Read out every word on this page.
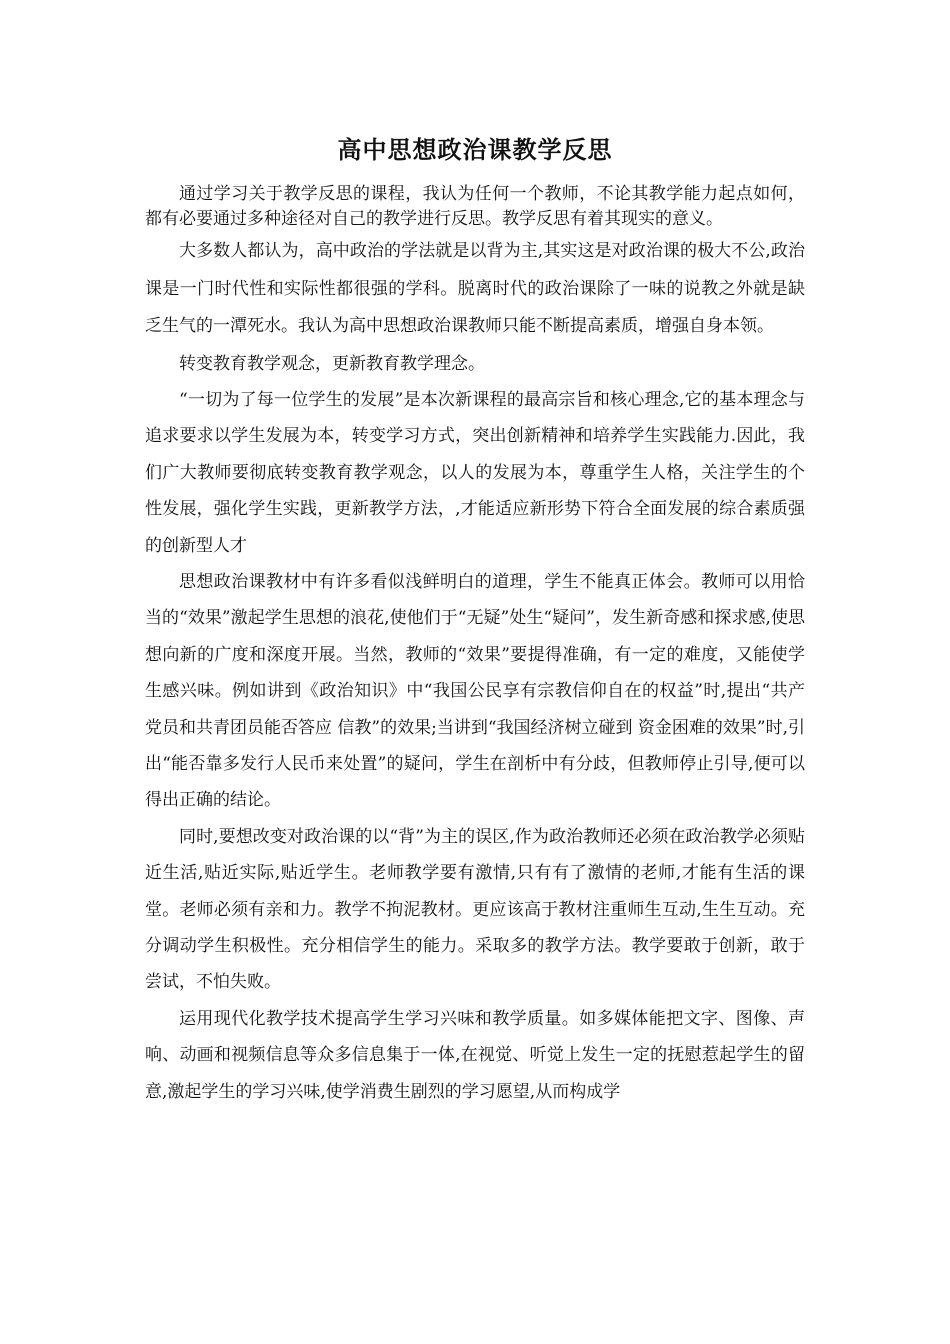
高中思想政治课教学反思

通过学习关于教学反思的课程，我认为任何一个教师，不论其教学能力起点如何，都有必要通过多种途径对自己的教学进行反思。教学反思有着其现实的意义。

大多数人都认为，高中政治的学法就是以背为主,其实这是对政治课的极大不公,政治课是一门时代性和实际性都很强的学科。脱离时代的政治课除了一味的说教之外就是缺乏生气的一潭死水。我认为高中思想政治课教师只能不断提高素质，增强自身本领。

转变教育教学观念，更新教育教学理念。

“一切为了每一位学生的发展”是本次新课程的最高宗旨和核心理念,它的基本理念与追求要求以学生发展为本，转变学习方式，突出创新精神和培养学生实践能力.因此，我们广大教师要彻底转变教育教学观念，以人的发展为本，尊重学生人格，关注学生的个性发展，强化学生实践，更新教学方法，,才能适应新形势下符合全面发展的综合素质强的创新型人才

思想政治课教材中有许多看似浅鲜明白的道理，学生不能真正体会。教师可以用恰当的“效果”激起学生思想的浪花,使他们于“无疑”处生“疑问”，发生新奇感和探求感,使思想向新的广度和深度开展。当然，教师的“效果”要提得准确，有一定的难度，又能使学生感兴味。例如讲到《政治知识》中“我国公民享有宗教信仰自在的权益”时,提出“共产党员和共青团员能否答应 信教”的效果;当讲到“我国经济树立碰到 资金困难的效果”时,引出“能否靠多发行人民币来处置”的疑问，学生在剖析中有分歧，但教师停止引导,便可以得出正确的结论。

同时,要想改变对政治课的以“背”为主的误区,作为政治教师还必须在政治教学必须贴近生活,贴近实际,贴近学生。老师教学要有激情,只有有了激情的老师,才能有生活的课堂。老师必须有亲和力。教学不拘泥教材。更应该高于教材注重师生互动,生生互动。充分调动学生积极性。充分相信学生的能力。采取多的教学方法。教学要敢于创新，敢于尝试，不怕失败。

运用现代化教学技术提高学生学习兴味和教学质量。如多媒体能把文字、图像、声响、动画和视频信息等众多信息集于一体,在视觉、听觉上发生一定的抚慰惹起学生的留意,激起学生的学习兴味,使学消费生剧烈的学习愿望,从而构成学
